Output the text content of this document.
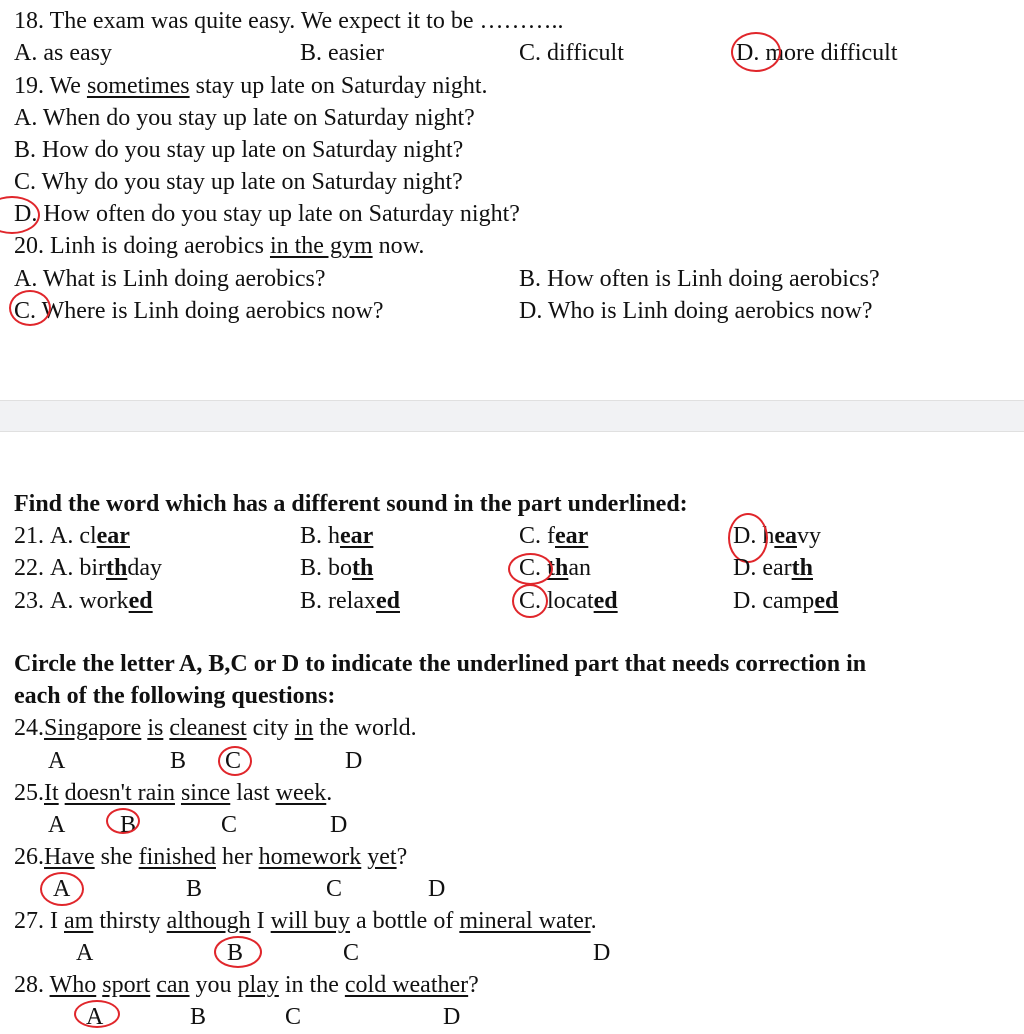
18. The exam was quite easy. We expect it to be ………..
A. as easy	B. easier	C. difficult	D. more difficult
19. We sometimes stay up late on Saturday night.
A. When do you stay up late on Saturday night?
B. How do you stay up late on Saturday night?
C. Why do you stay up late on Saturday night?
D. How often do you stay up late on Saturday night?
20. Linh is doing aerobics in the gym now.
A. What is Linh doing aerobics?	B. How often is Linh doing aerobics?
C. Where is Linh doing aerobics now?	D. Who is Linh doing aerobics now?
Find the word which has a different sound in the part underlined:
21. A. clear	B. hear	C. fear	D. heavy
22. A. birthday	B. both	C. than	D. earth
23. A. worked	B. relaxed	C. located	D. camped
Circle the letter A, B,C or D to indicate the underlined part that needs correction in
each of the following questions:
24.Singapore is cleanest city in the world.
A	B C	D
25.It doesn't rain since last week.
A B	C	D
26.Have she finished her homework yet?
A	B	C	D
27. I am thirsty although I will buy a bottle of mineral water.
A	B	C	D
28. Who sport can you play in the cold weather?
A	B	C	D
